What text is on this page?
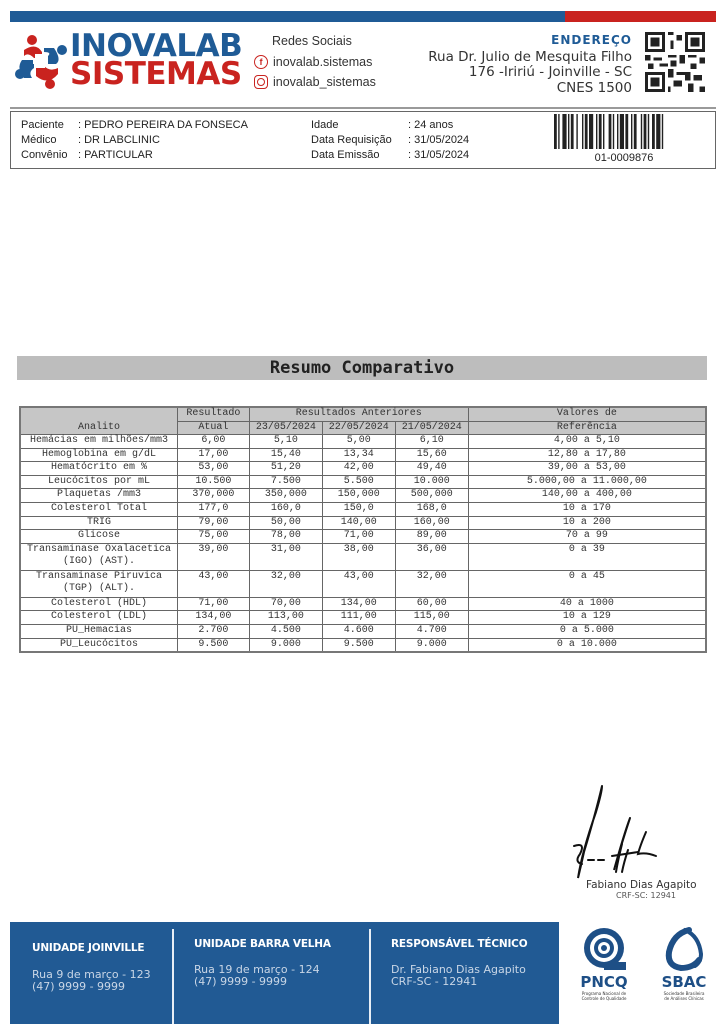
INOVALAB
SISTEMAS
Redes Sociais
f inovalab.sistemas
inovalab_sistemas
ENDEREÇO
Rua Dr. Julio de Mesquita Filho
176 -Iririú - Joinville - SC
CNES 1500
Paciente	: PEDRO PEREIRA DA FONSECA
Médico	: DR LABCLINIC
Convênio : PARTICULAR
Idade	: 24 anos
Data Requisição	: 31/05/2024
Data Emissão	: 31/05/2024	01-0009876
Resumo Comparativo
Analito	Resultado	Resultados Anteriores			Valores de
	Atual	23/05/2024	22/05/2024	21/05/2024	Referência
Hemácias em milhões/mm3	6,00	5,10	5,00	6,10	4,00 a 5,10
Hemoglobina em g/dL	17,00	15,40	13,34	15,60	12,80 a 17,80
Hematócrito em %	53,00	51,20	42,00	49,40	39,00 a 53,00
Leucócitos por mL	10.500	7.500	5.500	10.000	5.000,00 a 11.000,00
Plaquetas /mm3	370,000	350,000	150,000	500,000	140,00 a 400,00
Colesterol Total	177,0	160,0	150,0	168,0	10 a 170
TRIG	79,00	50,00	140,00	160,00	10 a 200
Glicose	75,00	78,00	71,00	89,00	70 a 99
Transaminase Oxalacetica (IGO) (AST).	39,00	31,00	38,00	36,00	0 a 39
Transaminase Piruvica (TGP) (ALT).	43,00	32,00	43,00	32,00	0 a 45
Colesterol (HDL)	71,00	70,00	134,00	60,00	40 a 1000
Colesterol (LDL)	134,00	113,00	111,00	115,00	10 a 129
PU_Hemacias	2.700	4.500	4.600	4.700	0 a 5.000
PU_Leucócitos	9.500	9.000	9.500	9.000	0 a 10.000
Fabiano Dias Agapito
CRF-SC: 12941
UNIDADE JOINVILLE
Rua 9 de março - 123
(47) 9999 - 9999
UNIDADE BARRA VELHA
Rua 19 de março - 124
(47) 9999 - 9999
RESPONSÁVEL TÉCNICO
Dr. Fabiano Dias Agapito
CRF-SC - 12941	PNCQ
Programa Nacional de
Controle de Qualidade
SBAC
Sociedade Brasileira
de Análises Clínicas
